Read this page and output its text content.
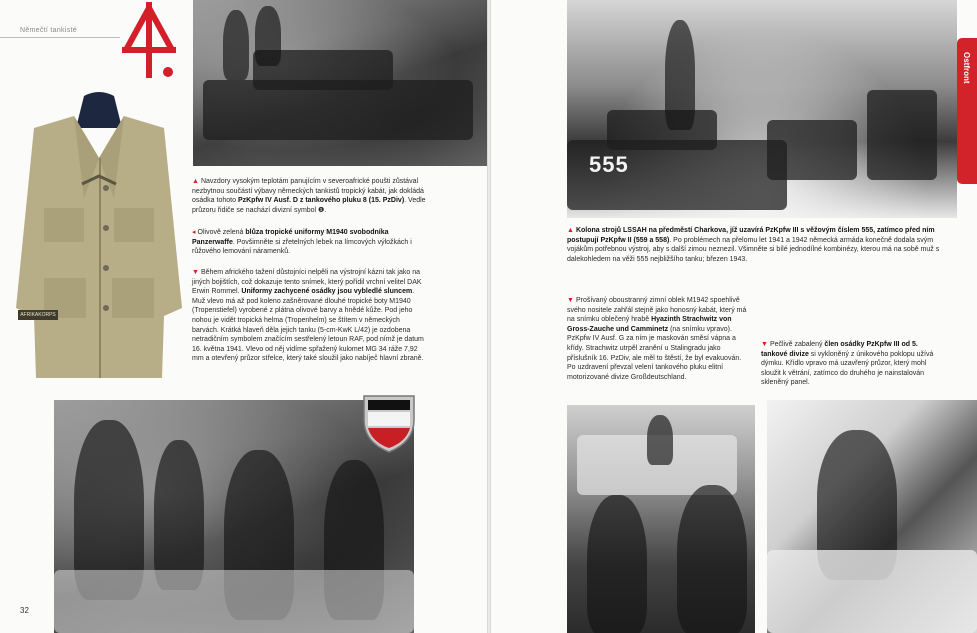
Němečtí tankisté
AFRIKAKORPS

▲ Navzdory vysokým teplotám panujícím v severoafrické poušti zůstával nezbytnou součástí výbavy německých tankistů tropický kabát, jak dokládá osádka tohoto PzKpfw IV Ausf. D z tankového pluku 8 (15. PzDiv). Vedle průzoru řidiče se nachází divizní symbol ❶.

◂ Olivově zelená blůza tropické uniformy M1940 svobodníka Panzerwaffe. Povšimněte si zřetelných lebek na límcových výložkách i růžového lemování náramenků.

▼ Během afrického tažení důstojníci nelpěli na výstrojní kázni tak jako na jiných bojištích, což dokazuje tento snímek, který pořídil vrchní velitel DAK Erwin Rommel. Uniformy zachycené osádky jsou vybledlé sluncem. Muž vlevo má až pod koleno zašněrované dlouhé tropické boty M1940 (Tropenstiefel) vyrobené z plátna olivové barvy a hnědé kůže. Pod jeho nohou je vidět tropická helma (Tropenhelm) se štítem v německých barvách. Krátká hlaveň děla jejich tanku (5-cm-KwK L/42) je ozdobena netradičním symbolem značícím sestřelený letoun RAF, pod nímž je datum 16. května 1941. Vlevo od něj vidíme spřažený kulomet MG 34 ráže 7,92 mm a otevřený průzor střelce, který také sloužil jako nabíječ hlavní zbraně.

32
555
Ostfront

▲ Kolona strojů LSSAH na předměstí Charkova, jíž uzavírá PzKpfw III s věžovým číslem 555, zatímco před ním postupují PzKpfw II (559 a 558). Po problémech na přelomu let 1941 a 1942 německá armáda konečně dodala svým vojákům potřebnou výstroj, aby s další zimou neznezil. Všimněte si bílé jednodílné kombinézy, kterou má na sobě muž s dalekohledem na věži 555 nejbližšího tanku; březen 1943.

▼ Prošívaný oboustranný zimní oblek M1942 spoehlivě svého nositele zahřál stejně jako honosný kabát, který má na snímku oblečený hrabě Hyazinth Strachwitz von Gross-Zauche und Camminetz (na snímku vpravo). PzKpfw IV Ausf. G za ním je maskován směsí vápna a křídy. Strachwitz utrpěl zranění u Stalingradu jako příslušník 16. PzDiv, ale měl to štěstí, že byl evakuován. Po uzdravení převzal velení tankového pluku elitní motorizované divize Großdeutschland.

▼ Pečlivě zabalený člen osádky PzKpfw III od 5. tankové divize si vykloněný z únikového poklopu užívá dýmku. Křídlo vpravo má uzavřený průzor, který mohl sloužit k větrání, zatímco do druhého je nainstalován skleněný panel.
